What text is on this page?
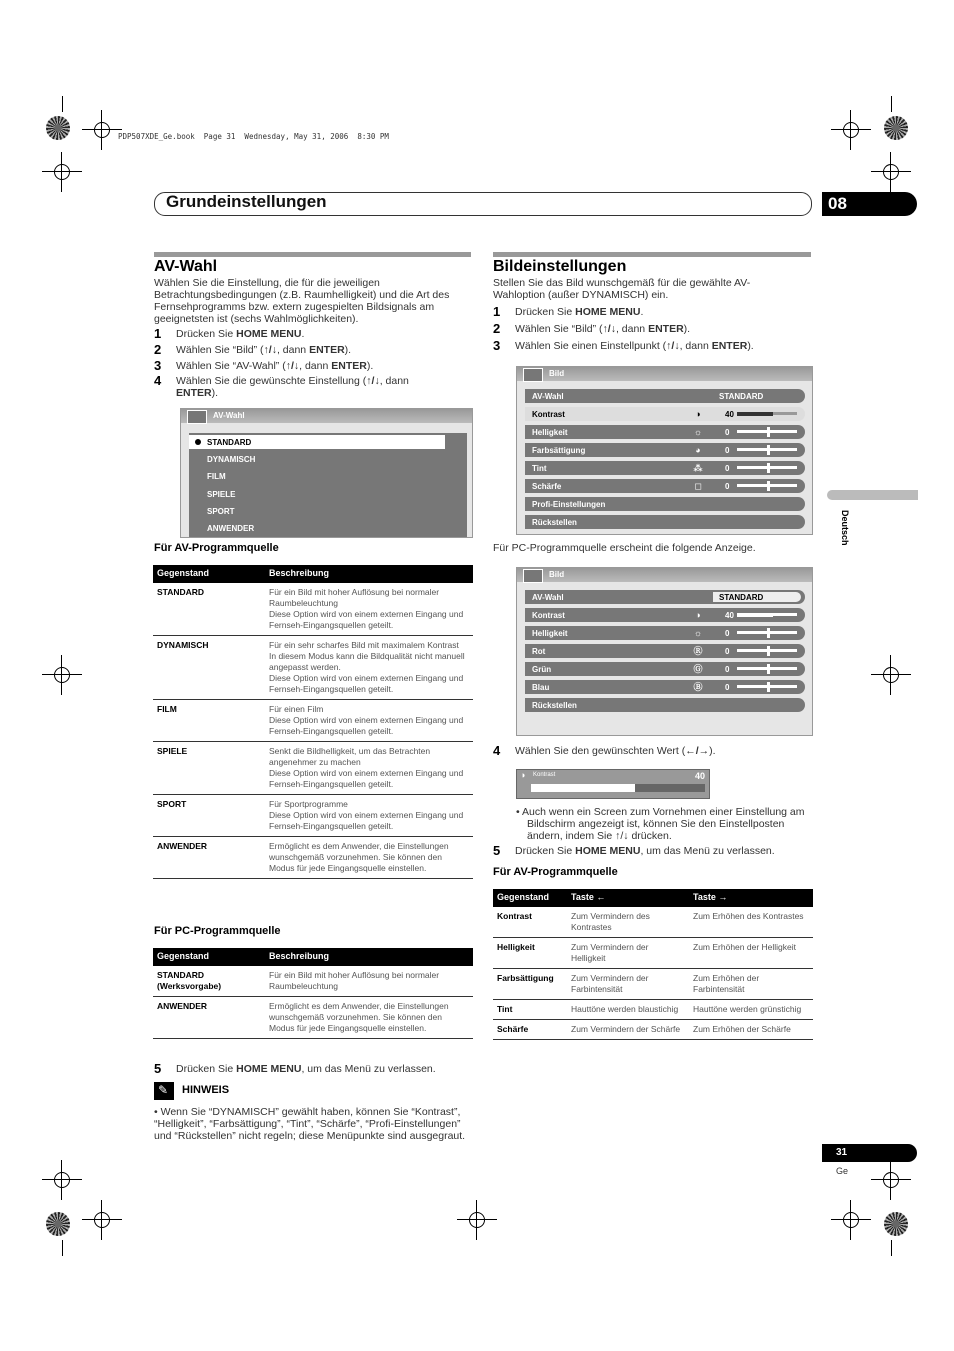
PDP507XDE_Ge.book  Page 31  Wednesday, May 31, 2006  8:30 PM
Grundeinstellungen	08
AV-Wahl
Wählen Sie die Einstellung, die für die jeweiligen Betrachtungsbedingungen (z.B. Raumhelligkeit) und die Art des Fernsehprogramms bzw. extern zugespielten Bildsignals am geeignetsten ist (sechs Wahlmöglichkeiten).
1 Drücken Sie HOME MENU.
2 Wählen Sie “Bild” (↑/↓, dann ENTER).
3 Wählen Sie “AV-Wahl” (↑/↓, dann ENTER).
4 Wählen Sie die gewünschte Einstellung (↑/↓, dann
ENTER).
AV-Wahl
STANDARD
DYNAMISCH
FILM
SPIELE
SPORT
ANWENDER
Für AV-Programmquelle
Gegenstand	Beschreibung
STANDARD	Für ein Bild mit hoher Auflösung bei normaler Raumbeleuchtung
Diese Option wird von einem externen Eingang und Fernseh-Eingangsquellen geteilt.
DYNAMISCH	Für ein sehr scharfes Bild mit maximalem Kontrast
In diesem Modus kann die Bildqualität nicht manuell angepasst werden.
Diese Option wird von einem externen Eingang und Fernseh-Eingangsquellen geteilt.
FILM	Für einen Film
Diese Option wird von einem externen Eingang und Fernseh-Eingangsquellen geteilt.
SPIELE	Senkt die Bildhelligkeit, um das Betrachten angenehmer zu machen
Diese Option wird von einem externen Eingang und Fernseh-Eingangsquellen geteilt.
SPORT	Für Sportprogramme
Diese Option wird von einem externen Eingang und Fernseh-Eingangsquellen geteilt.
ANWENDER	Ermöglicht es dem Anwender, die Einstellungen wunschgemäß vorzunehmen. Sie können den Modus für jede Eingangsquelle einstellen.
Für PC-Programmquelle
Gegenstand	Beschreibung
STANDARD
(Werksvorgabe)	Für ein Bild mit hoher Auflösung bei normaler Raumbeleuchtung
ANWENDER	Ermöglicht es dem Anwender, die Einstellungen wunschgemäß vorzunehmen. Sie können den Modus für jede Eingangsquelle einstellen.
5 Drücken Sie HOME MENU, um das Menü zu verlassen.
✎
HINWEIS
• Wenn Sie “DYNAMISCH” gewählt haben, können Sie “Kontrast”, “Helligkeit”, “Farbsättigung”, “Tint”, “Schärfe”, “Profi-Einstellungen” und “Rückstellen” nicht regeln; diese Menüpunkte sind ausgegraut.
Bildeinstellungen
Stellen Sie das Bild wunschgemäß für die gewählte AV-Wahloption (außer DYNAMISCH) ein.
1 Drücken Sie HOME MENU.
2 Wählen Sie “Bild” (↑/↓, dann ENTER).
3 Wählen Sie einen Einstellpunkt (↑/↓, dann ENTER).
Bild
AV-Wahl	STANDARD
Kontrast	◑	40
Helligkeit	☼	0
Farbsättigung	◕	0
Tint	⁂	0
Schärfe	◻	0
Profi-Einstellungen
Rückstellen
Für PC-Programmquelle erscheint die folgende Anzeige.
Bild
AV-Wahl	STANDARD
Kontrast	◑	40
Helligkeit	☼	0
Rot	Ⓡ	0
Grün	Ⓖ	0
Blau	Ⓑ	0
Rückstellen
4 Wählen Sie den gewünschten Wert (←/→).
◑ Kontrast	40
• Auch wenn ein Screen zum Vornehmen einer Einstellung am Bildschirm angezeigt ist, können Sie den Einstellposten ändern, indem Sie ↑/↓ drücken.
5 Drücken Sie HOME MENU, um das Menü zu verlassen.
Für AV-Programmquelle
Gegenstand	Taste ←	Taste →
Kontrast	Zum Vermindern des Kontrastes	Zum Erhöhen des Kontrastes
Helligkeit	Zum Vermindern der Helligkeit	Zum Erhöhen der Helligkeit
Farbsättigung	Zum Vermindern der Farbintensität	Zum Erhöhen der Farbintensität
Tint	Hauttöne werden blaustichig	Hauttöne werden grünstichig
Schärfe	Zum Vermindern der Schärfe	Zum Erhöhen der Schärfe
Deutsch
31
Ge
